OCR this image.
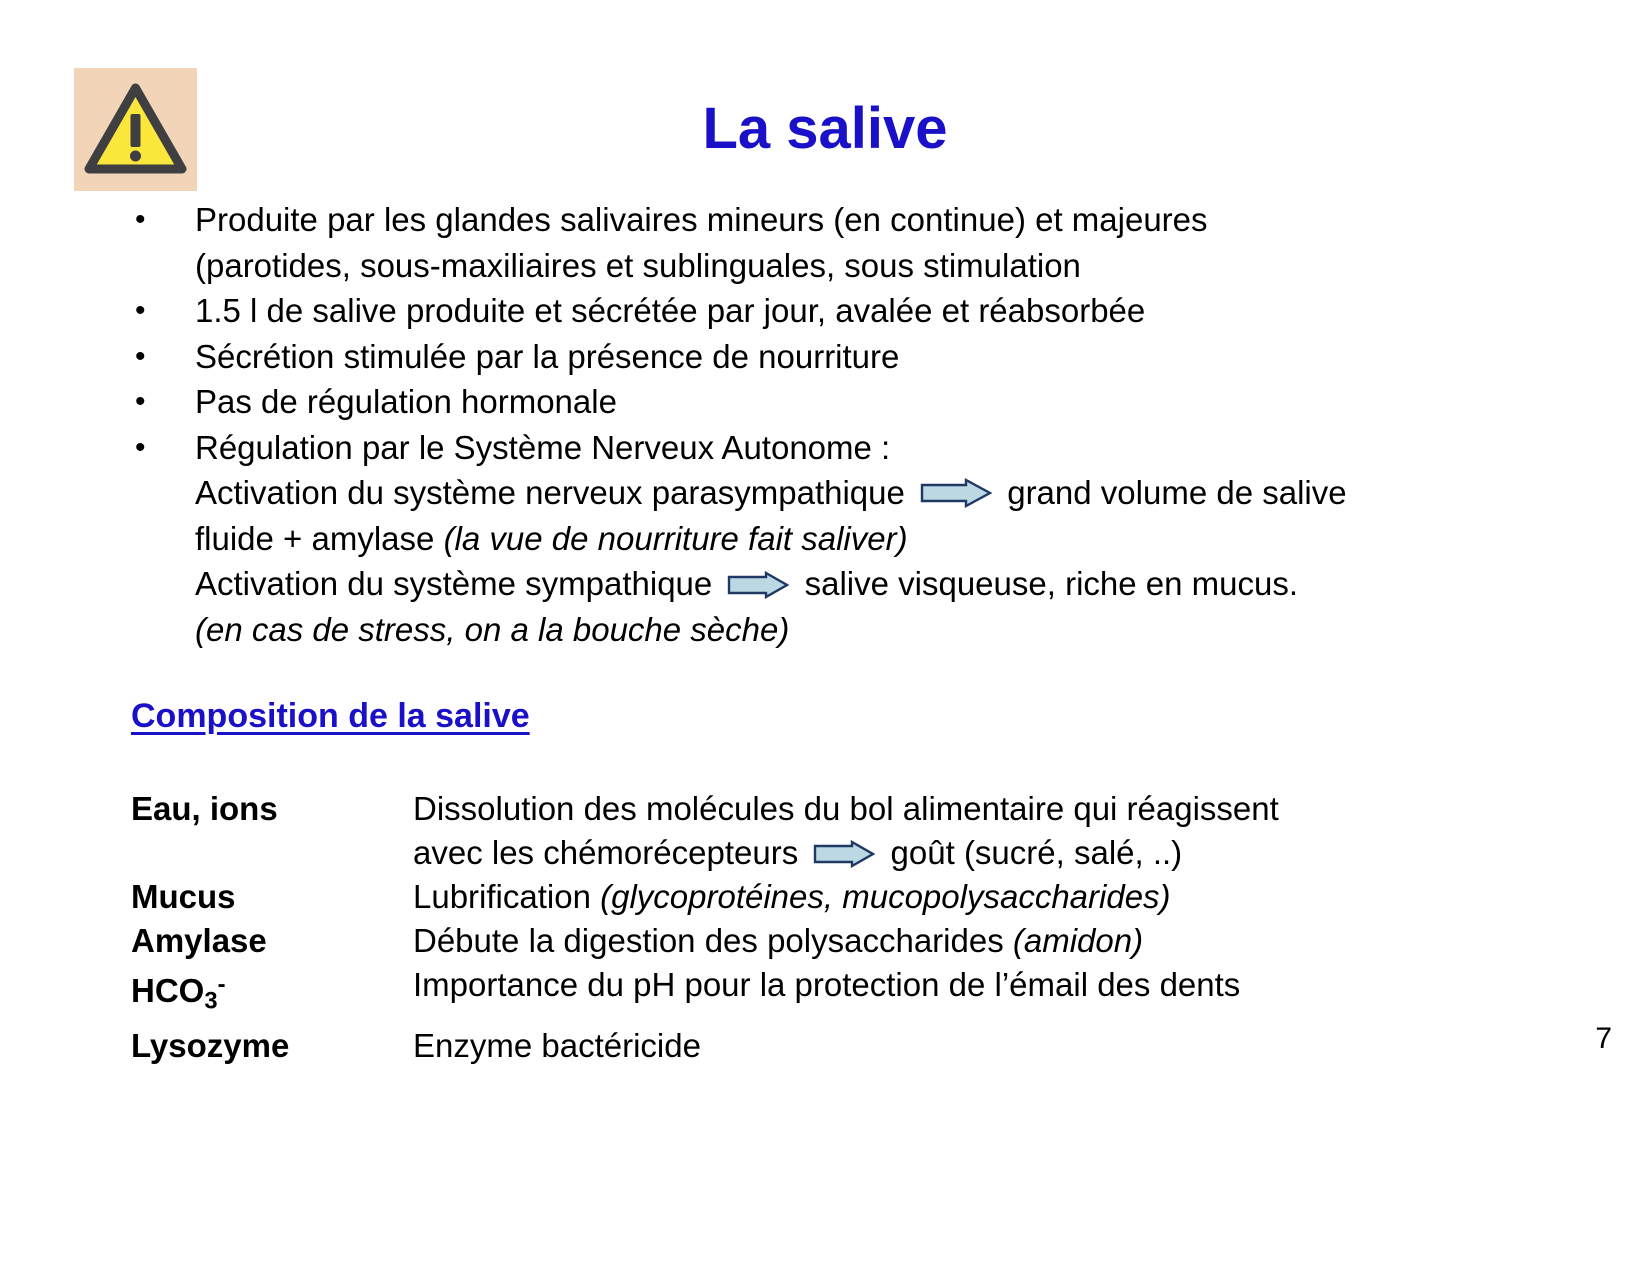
La salive
•	Produite par les glandes salivaires mineurs (en continue) et majeures
(parotides, sous-maxiliaires et sublinguales, sous stimulation
•	1.5 l de salive produite et sécrétée par jour, avalée et réabsorbée
•	Sécrétion stimulée par la présence de nourriture
•	Pas de régulation hormonale
•	Régulation par le Système Nerveux Autonome :
Activation du système nerveux parasympathique	grand volume de salive
fluide + amylase (la vue de nourriture fait saliver)
Activation du système sympathique	salive visqueuse, riche en mucus.
(en cas de stress, on a la bouche sèche)
Composition de la salive
Eau, ions	Dissolution des molécules du bol alimentaire qui réagissent
avec les chémorécepteurs	goût (sucré, salé, ..)
Mucus	Lubrification (glycoprotéines, mucopolysaccharides)
Amylase	Débute la digestion des polysaccharides (amidon)
$HCO_3^-$	Importance du pH pour la protection de l’émail des dents
Lysozyme	Enzyme bactéricide	7
